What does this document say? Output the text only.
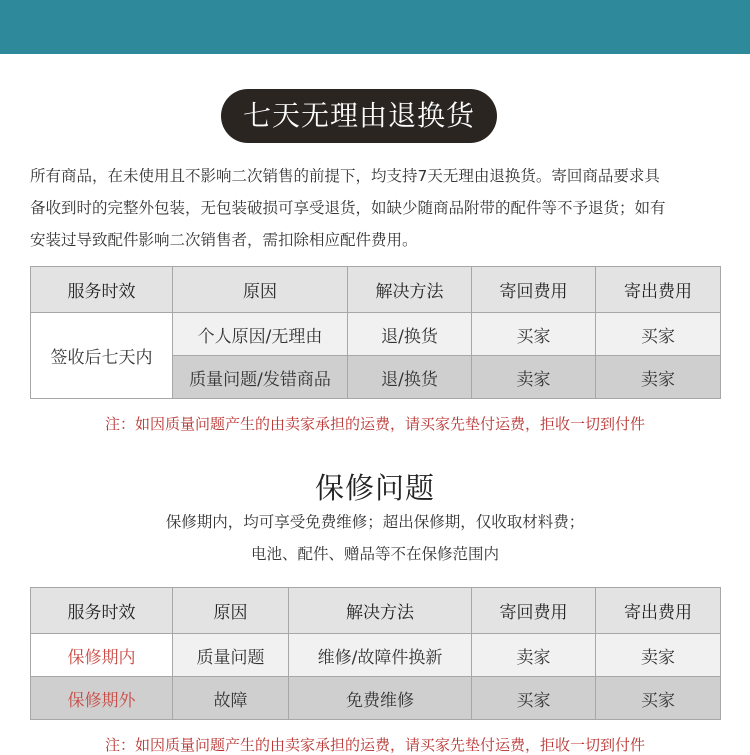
七天无理由退换货

所有商品，在未使用且不影响二次销售的前提下，均支持7天无理由退换货。寄回商品要求具

备收到时的完整外包装，无包装破损可享受退货，如缺少随商品附带的配件等不予退货；如有

安装过导致配件影响二次销售者，需扣除相应配件费用。

服务时效	原因	解决方法	寄回费用	寄出费用
签收后七天内	个人原因/无理由	退/换货	买家	买家
	质量问题/发错商品	退/换货	卖家	卖家
注：如因质量问题产生的由卖家承担的运费，请买家先垫付运费，拒收一切到付件
保修问题
保修期内，均可享受免费维修；超出保修期，仅收取材料费；
电池、配件、赠品等不在保修范围内
服务时效	原因	解决方法	寄回费用	寄出费用
保修期内	质量问题	维修/故障件换新	卖家	卖家
保修期外	故障	免费维修	买家	买家
注：如因质量问题产生的由卖家承担的运费，请买家先垫付运费，拒收一切到付件
